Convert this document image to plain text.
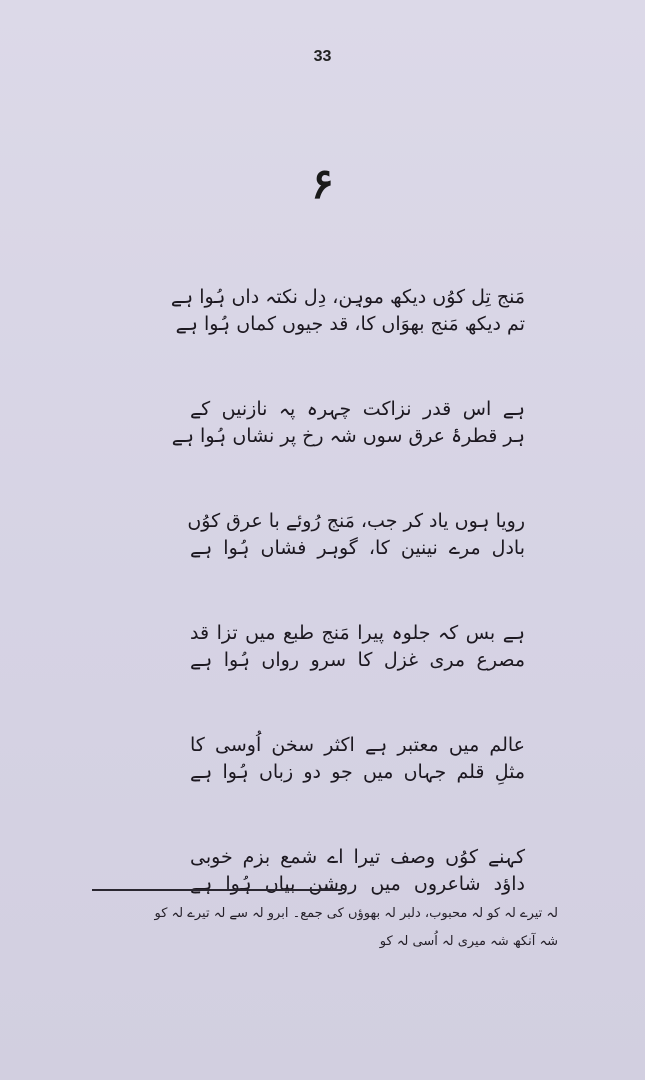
33
۶
مَنج تِل کوُں دیکھ موہِن، دِل نکتہ داں ہُوا ہے
تم دیکھ مَنج بھوَاں کا، قد جیوں کماں ہُوا ہے
ہے اس قدر نزاکت چہرہ پہ نازنیں کے
ہر قطرۂ عرق سوں شہ رخ پر نشاں ہُوا ہے
رویا ہوں یاد کر جب، مَنج رُوئے با عرق کوُں
بادل مرے نینین کا، گوہر فشاں ہُوا ہے
ہے بس کہ جلوہ پیرا مَنج طبع میں تزا قد
مصرع مری غزل کا سرو رواں ہُوا ہے
عالم میں معتبر ہے اکثر سخن اُوسی کا
مثلِ قلم جہاں میں جو دو زباں ہُوا ہے
کہنے کوُں وصف تیرا اے شمع بزم خوبی
داؤد شاعروں میں روشن بیاں ہُوا ہے
لہ تیرے لہ کو لہ محبوب، دلبر لہ بھوؤں کی جمع۔ ابرو لہ سے لہ تیرے لہ کو
شہ آنکھ شہ میری لہ اُسی لہ کو
